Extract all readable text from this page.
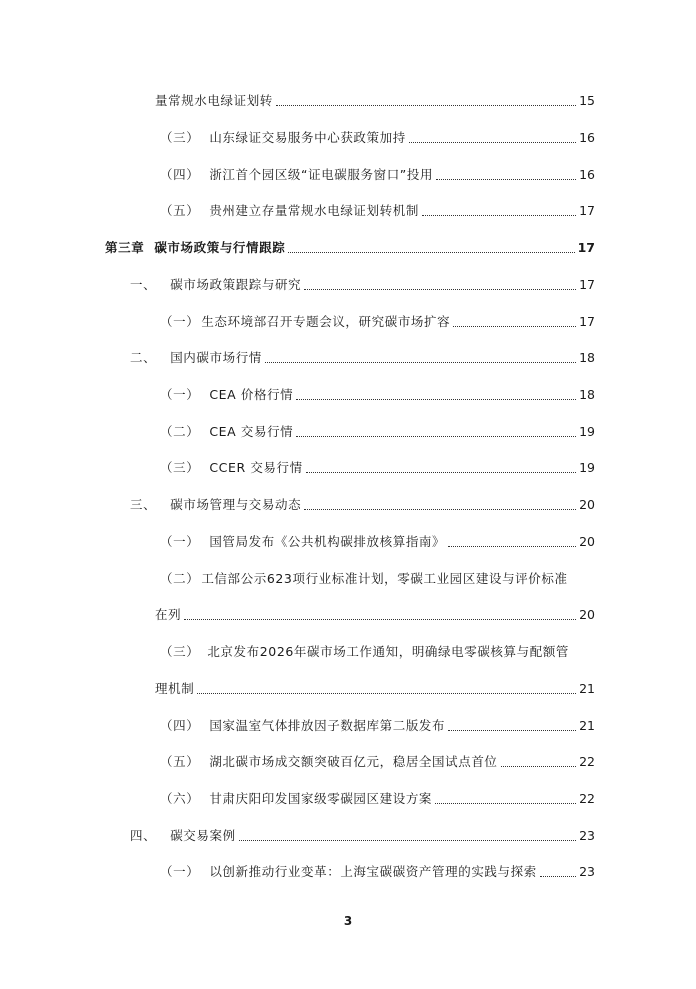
量常规水电绿证划转	15
（三） 山东绿证交易服务中心获政策加持	16
（四） 浙江首个园区级“证电碳服务窗口”投用	16
（五） 贵州建立存量常规水电绿证划转机制	17
第三章 碳市场政策与行情跟踪	17
一、 碳市场政策跟踪与研究	17
（一） 生态环境部召开专题会议，研究碳市场扩容	17
二、 国内碳市场行情	18
（一） CEA 价格行情	18
（二） CEA 交易行情	19
（三） CCER 交易行情	19
三、 碳市场管理与交易动态	20
（一） 国管局发布《公共机构碳排放核算指南》	20
（二） 工信部公示623项行业标准计划，零碳工业园区建设与评价标准
在列	20
（三） 北京发布2026年碳市场工作通知，明确绿电零碳核算与配额管
理机制	21
（四） 国家温室气体排放因子数据库第二版发布	21
（五） 湖北碳市场成交额突破百亿元，稳居全国试点首位	22
（六） 甘肃庆阳印发国家级零碳园区建设方案	22
四、 碳交易案例	23
（一） 以创新推动行业变革：上海宝碳碳资产管理的实践与探索	23
3
